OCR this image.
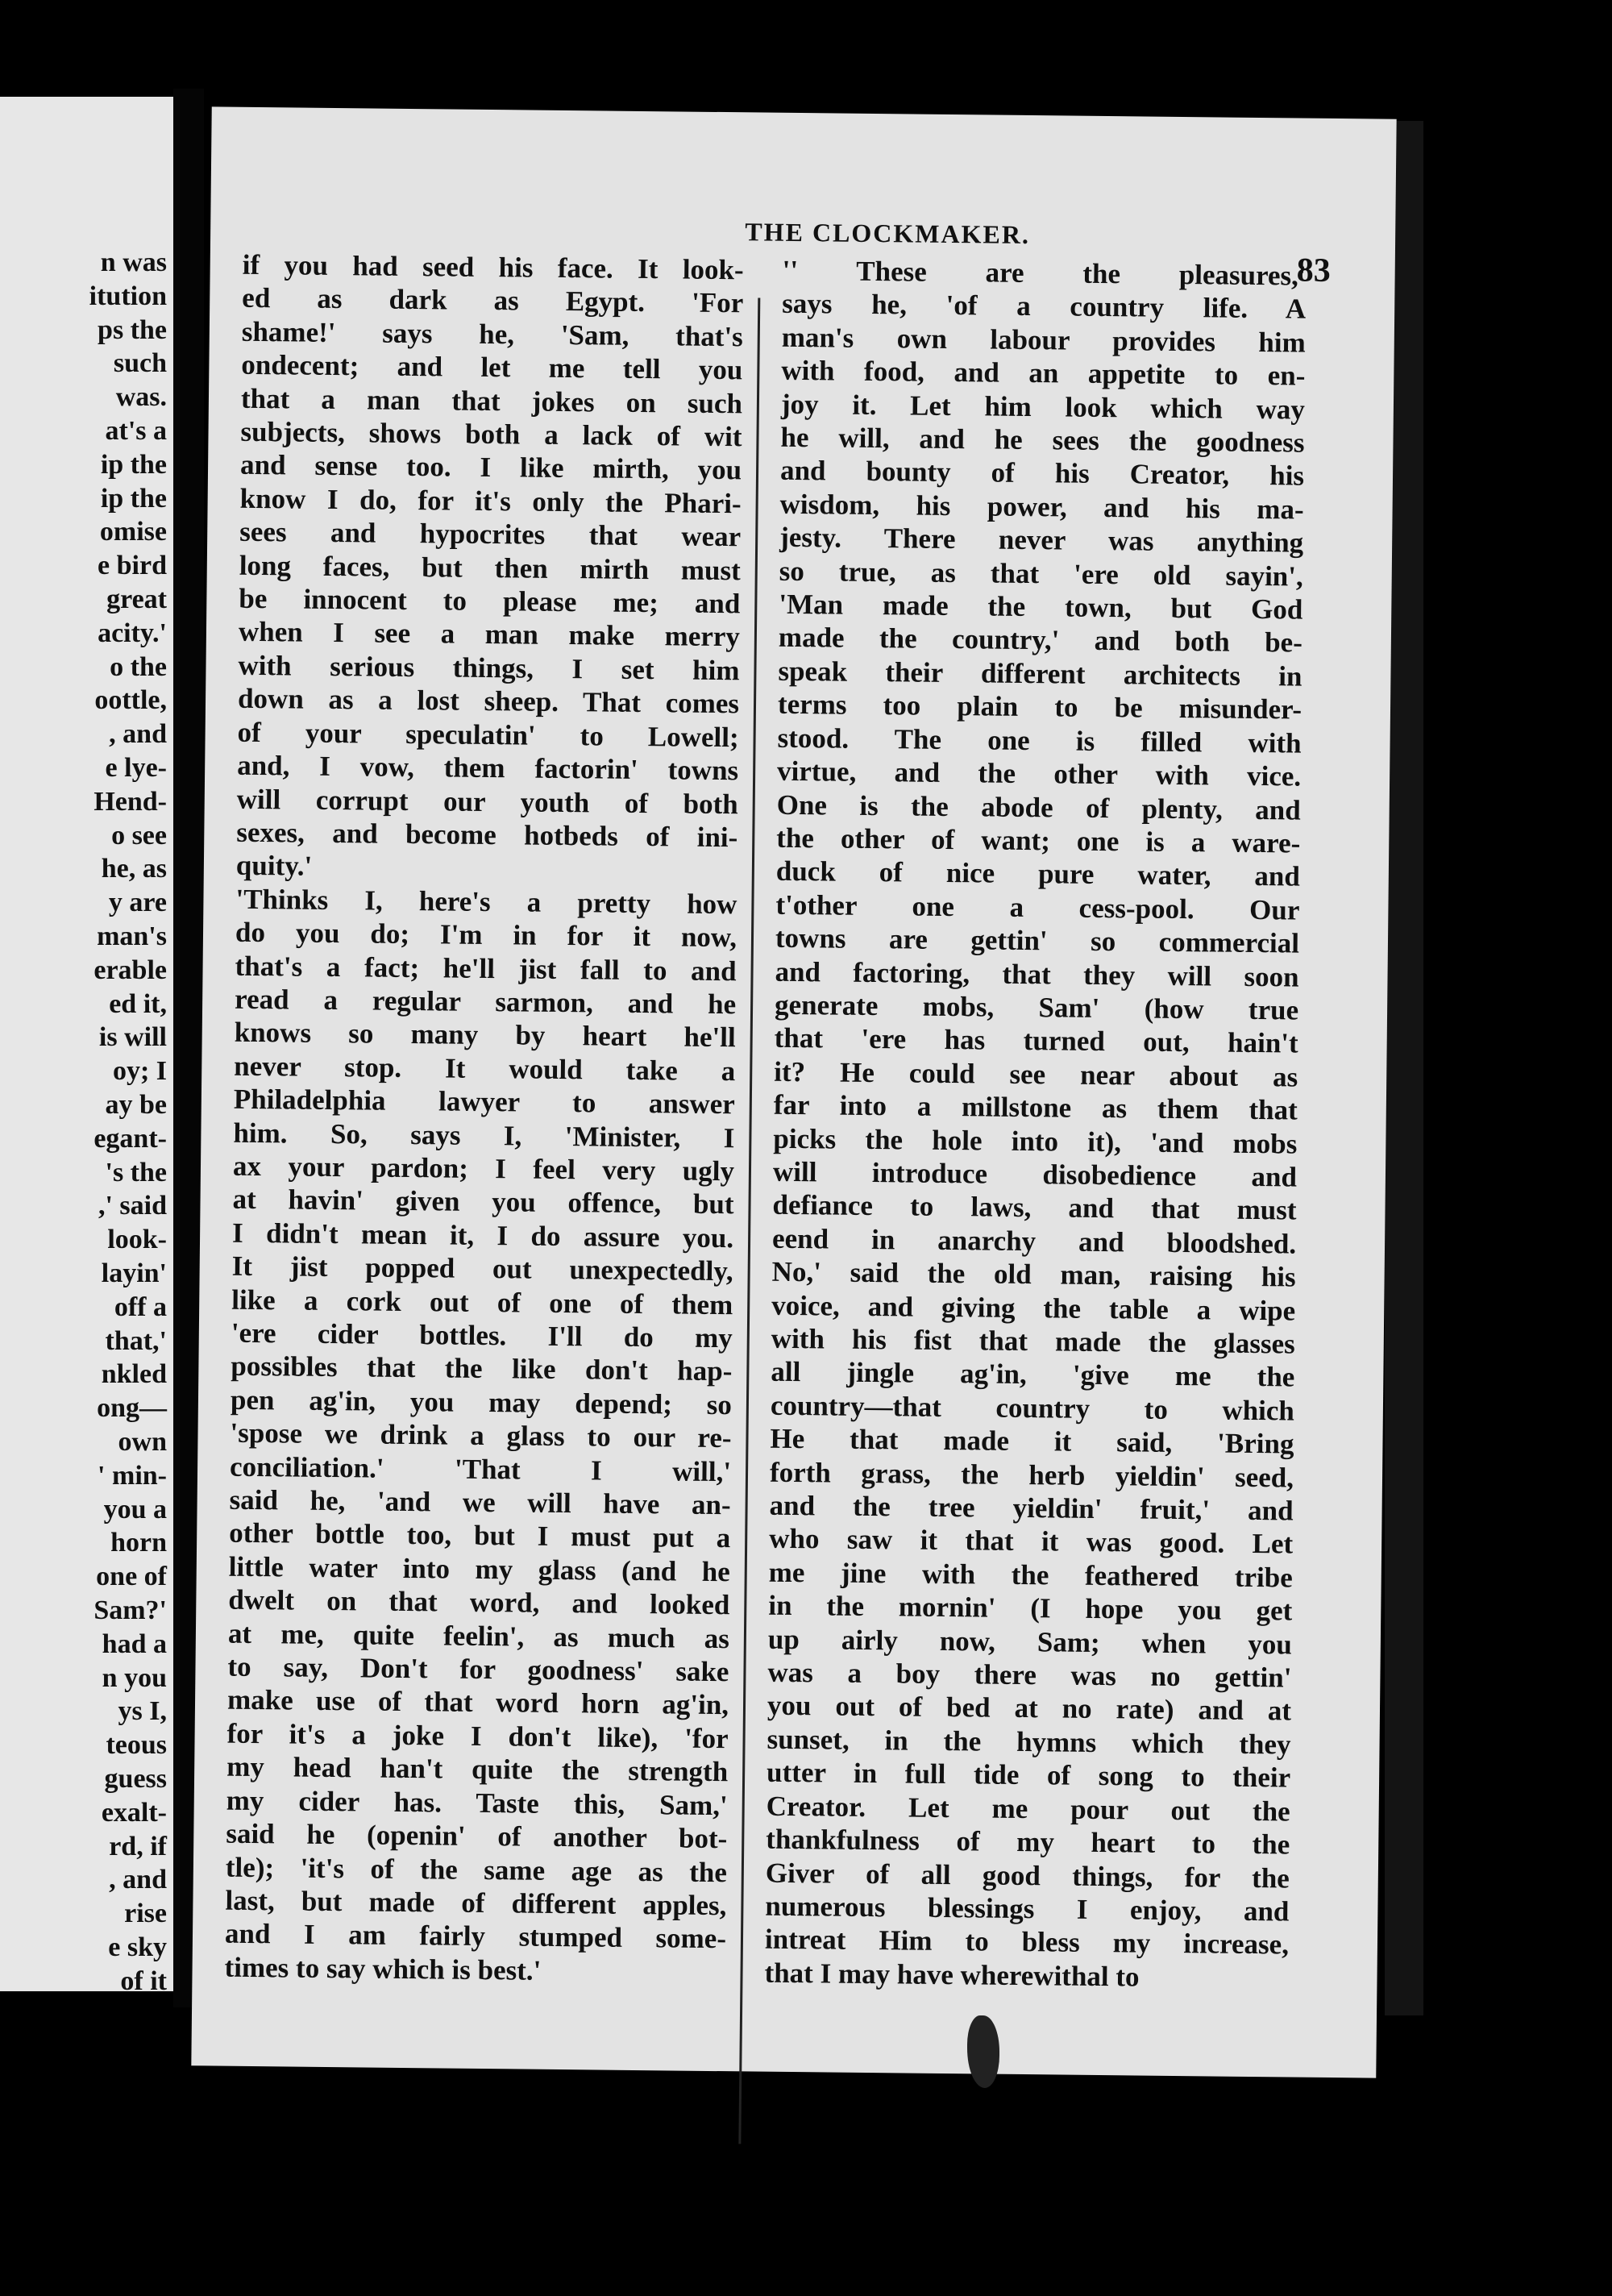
n was
itution
ps the
such
was.
at's a
ip the
ip the
omise
e bird
great
acity.'
o the
oottle,
, and
e lye-
Hend-
o see
he, as
y are
man's
erable
ed it,
is will
oy; I
ay be
egant-
's the
,' said
look-
layin'
off a
that,'
nkled
ong—
own
' min-
you a
horn
one of
Sam?'
had a
n you
ys I,
teous
guess
exalt-
rd, if
, and
rise
e sky
of it
THE CLOCKMAKER.
83
if you had seed his face. It look-
ed as dark as Egypt. 'For
shame!' says he, 'Sam, that's
ondecent; and let me tell you
that a man that jokes on such
subjects, shows both a lack of wit
and sense too. I like mirth, you
know I do, for it's only the Phari-
sees and hypocrites that wear
long faces, but then mirth must
be innocent to please me; and
when I see a man make merry
with serious things, I set him
down as a lost sheep. That comes
of your speculatin' to Lowell;
and, I vow, them factorin' towns
will corrupt our youth of both
sexes, and become hotbeds of ini-
quity.'
'Thinks I, here's a pretty how
do you do; I'm in for it now,
that's a fact; he'll jist fall to and
read a regular sarmon, and he
knows so many by heart he'll
never stop. It would take a
Philadelphia lawyer to answer
him. So, says I, 'Minister, I
ax your pardon; I feel very ugly
at havin' given you offence, but
I didn't mean it, I do assure you.
It jist popped out unexpectedly,
like a cork out of one of them
'ere cider bottles. I'll do my
possibles that the like don't hap-
pen ag'in, you may depend; so
'spose we drink a glass to our re-
conciliation.' 'That I will,'
said he, 'and we will have an-
other bottle too, but I must put a
little water into my glass (and he
dwelt on that word, and looked
at me, quite feelin', as much as
to say, Don't for goodness' sake
make use of that word horn ag'in,
for it's a joke I don't like), 'for
my head han't quite the strength
my cider has. Taste this, Sam,'
said he (openin' of another bot-
tle); 'it's of the same age as the
last, but made of different apples,
and I am fairly stumped some-
times to say which is best.'
'' These are the pleasures,'
says he, 'of a country life. A
man's own labour provides him
with food, and an appetite to en-
joy it. Let him look which way
he will, and he sees the goodness
and bounty of his Creator, his
wisdom, his power, and his ma-
jesty. There never was anything
so true, as that 'ere old sayin',
'Man made the town, but God
made the country,' and both be-
speak their different architects in
terms too plain to be misunder-
stood. The one is filled with
virtue, and the other with vice.
One is the abode of plenty, and
the other of want; one is a ware-
duck of nice pure water, and
t'other one a cess-pool. Our
towns are gettin' so commercial
and factoring, that they will soon
generate mobs, Sam' (how true
that 'ere has turned out, hain't
it? He could see near about as
far into a millstone as them that
picks the hole into it), 'and mobs
will introduce disobedience and
defiance to laws, and that must
eend in anarchy and bloodshed.
No,' said the old man, raising his
voice, and giving the table a wipe
with his fist that made the glasses
all jingle ag'in, 'give me the
country—that country to which
He that made it said, 'Bring
forth grass, the herb yieldin' seed,
and the tree yieldin' fruit,' and
who saw it that it was good. Let
me jine with the feathered tribe
in the mornin' (I hope you get
up airly now, Sam; when you
was a boy there was no gettin'
you out of bed at no rate) and at
sunset, in the hymns which they
utter in full tide of song to their
Creator. Let me pour out the
thankfulness of my heart to the
Giver of all good things, for the
numerous blessings I enjoy, and
intreat Him to bless my increase,
that I may have wherewithal to
